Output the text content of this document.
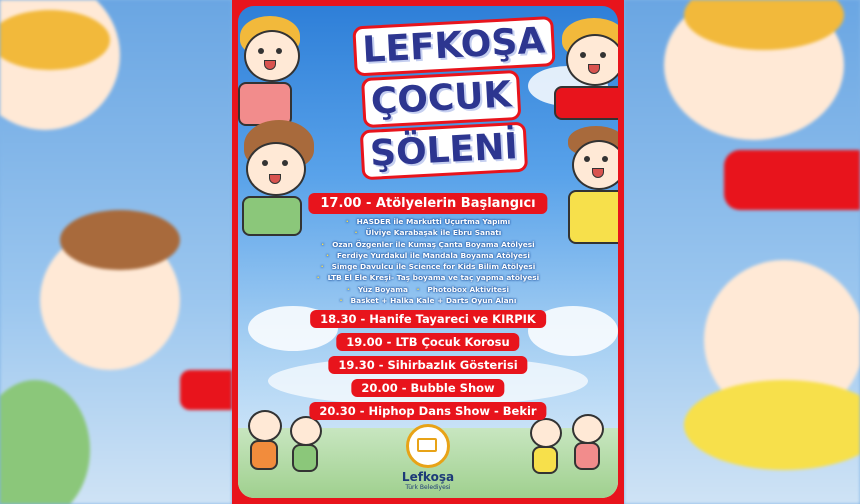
LEFKOŞA
ÇOCUK
ŞÖLENİ
17.00 - Atölyelerin Başlangıcı
· HASDER ile Markutti Uçurtma Yapımı
· Ülviye Karabaşak ile Ebru Sanatı
· Ozan Özgenler ile Kumaş Çanta Boyama Atölyesi
· Ferdiye Yurdakul ile Mandala Boyama Atölyesi
· Simge Davulcu ile Science for Kids Bilim Atölyesi
· LTB El Ele Kreşi- Taş boyama ve taç yapma atölyesi
· Yüz Boyama · Photobox Aktivitesi
· Basket + Halka Kale + Darts Oyun Alanı
18.30 - Hanife Tayareci ve KIRPIK
19.00 - LTB Çocuk Korosu
19.30 - Sihirbazlık Gösterisi
20.00 - Bubble Show
20.30 - Hiphop Dans Show - Bekir
Lefkoşa
Türk Belediyesi
